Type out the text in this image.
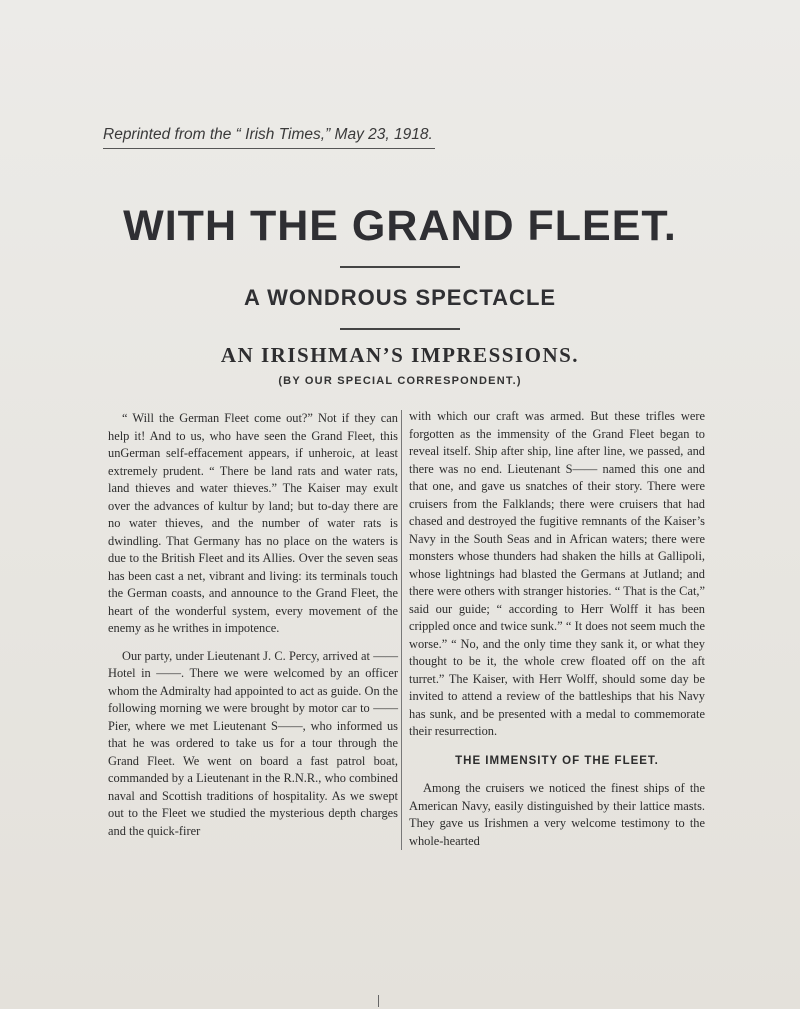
Reprinted from the “ Irish Times,” May 23, 1918.
WITH THE GRAND FLEET.
A WONDROUS SPECTACLE
AN IRISHMAN’S IMPRESSIONS.
(BY OUR SPECIAL CORRESPONDENT.)

“ Will the German Fleet come out?” Not if they can help it! And to us, who have seen the Grand Fleet, this unGerman self-effacement appears, if unheroic, at least extremely prudent. “ There be land rats and water rats, land thieves and water thieves.” The Kaiser may exult over the advances of kultur by land; but to-day there are no water thieves, and the number of water rats is dwindling. That Germany has no place on the waters is due to the British Fleet and its Allies. Over the seven seas has been cast a net, vibrant and living: its terminals touch the German coasts, and announce to the Grand Fleet, the heart of the wonderful system, every movement of the enemy as he writhes in impotence.

Our party, under Lieutenant J. C. Percy, arrived at —— Hotel in ——. There we were welcomed by an officer whom the Admiralty had appointed to act as guide. On the following morning we were brought by motor car to —— Pier, where we met Lieutenant S——, who informed us that he was ordered to take us for a tour through the Grand Fleet. We went on board a fast patrol boat, commanded by a Lieutenant in the R.N.R., who combined naval and Scottish traditions of hospitality. As we swept out to the Fleet we studied the mysterious depth charges and the quick-firer

with which our craft was armed. But these trifles were forgotten as the immensity of the Grand Fleet began to reveal itself. Ship after ship, line after line, we passed, and there was no end. Lieutenant S—— named this one and that one, and gave us snatches of their story. There were cruisers from the Falklands; there were cruisers that had chased and destroyed the fugitive remnants of the Kaiser’s Navy in the South Seas and in African waters; there were monsters whose thunders had shaken the hills at Gallipoli, whose lightnings had blasted the Germans at Jutland; and there were others with stranger histories. “ That is the Cat,” said our guide; “ according to Herr Wolff it has been crippled once and twice sunk.” “ It does not seem much the worse.” “ No, and the only time they sank it, or what they thought to be it, the whole crew floated off on the aft turret.” The Kaiser, with Herr Wolff, should some day be invited to attend a review of the battleships that his Navy has sunk, and be presented with a medal to commemorate their resurrection.

THE IMMENSITY OF THE FLEET.

Among the cruisers we noticed the finest ships of the American Navy, easily distinguished by their lattice masts. They gave us Irishmen a very welcome testimony to the whole-hearted
